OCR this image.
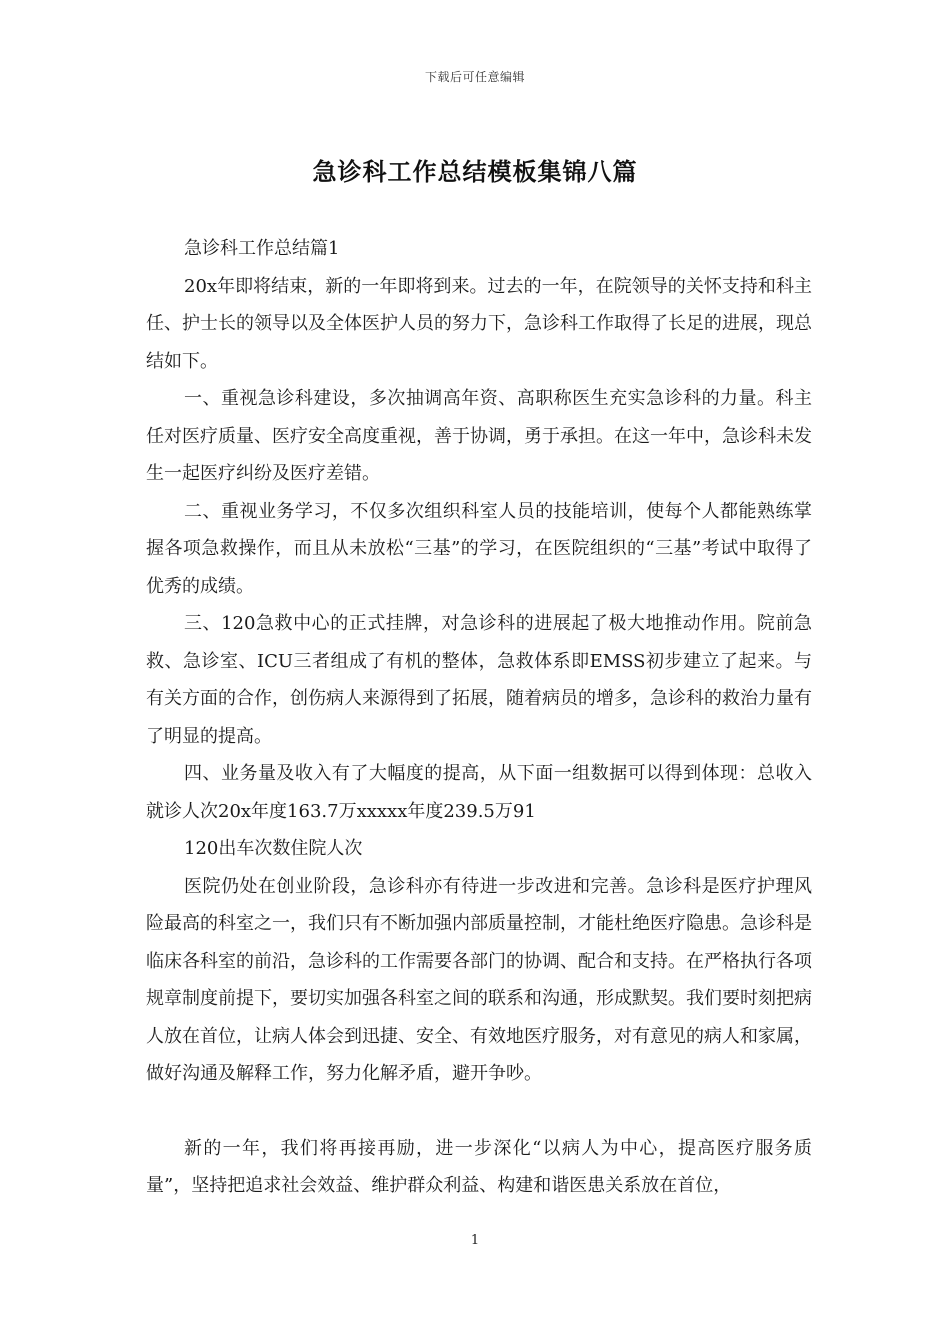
下载后可任意编辑
急诊科工作总结模板集锦八篇

急诊科工作总结篇1

20x年即将结束，新的一年即将到来。过去的一年，在院领导的关怀支持和科主任、护士长的领导以及全体医护人员的努力下，急诊科工作取得了长足的进展，现总结如下。

一、重视急诊科建设，多次抽调高年资、高职称医生充实急诊科的力量。科主任对医疗质量、医疗安全高度重视，善于协调，勇于承担。在这一年中，急诊科未发生一起医疗纠纷及医疗差错。

二、重视业务学习，不仅多次组织科室人员的技能培训，使每个人都能熟练掌握各项急救操作，而且从未放松“三基”的学习，在医院组织的“三基”考试中取得了优秀的成绩。

三、120急救中心的正式挂牌，对急诊科的进展起了极大地推动作用。院前急救、急诊室、ICU三者组成了有机的整体，急救体系即EMSS初步建立了起来。与有关方面的合作，创伤病人来源得到了拓展，随着病员的增多，急诊科的救治力量有了明显的提高。

四、业务量及收入有了大幅度的提高，从下面一组数据可以得到体现：总收入就诊人次20x年度163.7万xxxxx年度239.5万91

120出车次数住院人次

医院仍处在创业阶段，急诊科亦有待进一步改进和完善。急诊科是医疗护理风险最高的科室之一，我们只有不断加强内部质量控制，才能杜绝医疗隐患。急诊科是临床各科室的前沿，急诊科的工作需要各部门的协调、配合和支持。在严格执行各项规章制度前提下，要切实加强各科室之间的联系和沟通，形成默契。我们要时刻把病人放在首位，让病人体会到迅捷、安全、有效地医疗服务，对有意见的病人和家属，做好沟通及解释工作，努力化解矛盾，避开争吵。

新的一年，我们将再接再励，进一步深化“以病人为中心，提高医疗服务质量”，坚持把追求社会效益、维护群众利益、构建和谐医患关系放在首位，

1
